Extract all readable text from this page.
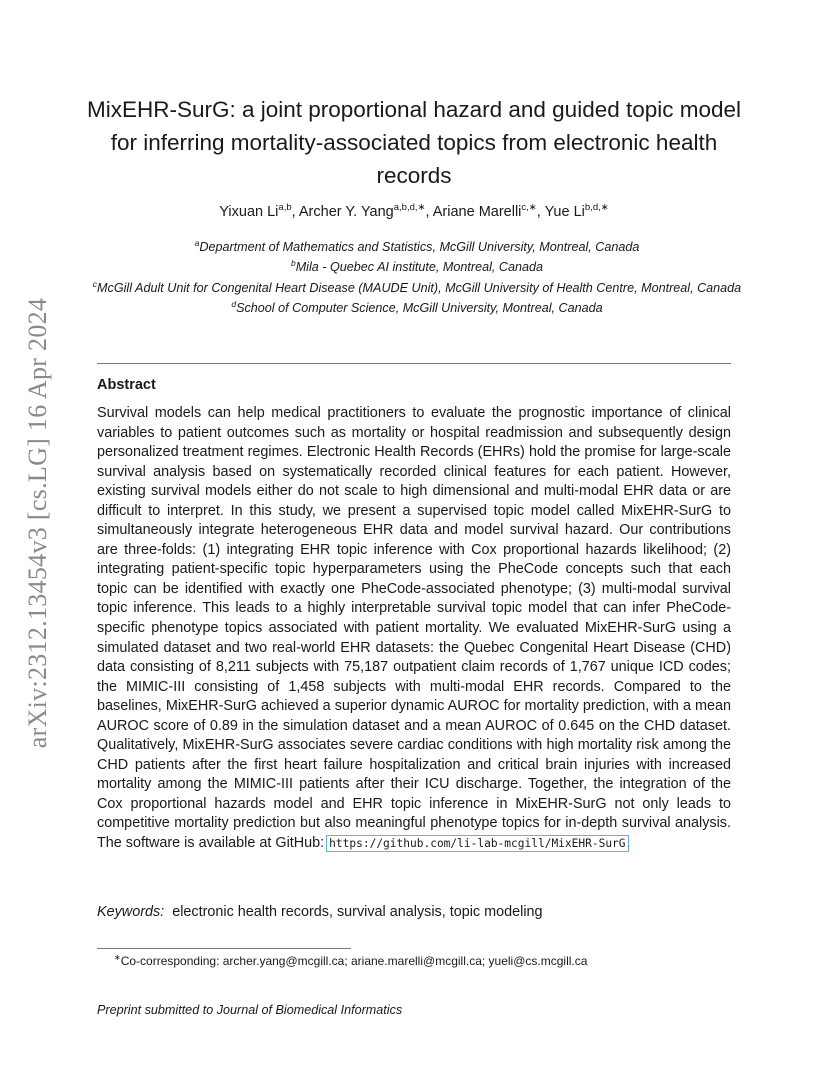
arXiv:2312.13454v3 [cs.LG] 16 Apr 2024
MixEHR-SurG: a joint proportional hazard and guided topic model for inferring mortality-associated topics from electronic health records
Yixuan Li$^{a,b}$, Archer Y. Yang$^{a,b,d,∗}$, Ariane Marelli$^{c,∗}$, Yue $Li^{b,d,∗}$
$^a$Department of Mathematics and Statistics, McGill University, Montreal, Canada
$^b$Mila - Quebec AI institute, Montreal, Canada
$^c$McGill Adult Unit for Congenital Heart Disease (MAUDE Unit), McGill University of Health Centre, Montreal, Canada
$^d$School of Computer Science, McGill University, Montreal, Canada
Abstract
Survival models can help medical practitioners to evaluate the prognostic importance of clinical variables to patient outcomes such as mortality or hospital readmission and subsequently design personalized treatment regimes. Electronic Health Records (EHRs) hold the promise for large-scale survival analysis based on systematically recorded clinical features for each patient. However, existing survival models either do not scale to high dimensional and multi-modal EHR data or are difficult to interpret. In this study, we present a supervised topic model called MixEHR-SurG to simultaneously integrate heterogeneous EHR data and model survival hazard. Our contributions are three-folds: (1) integrating EHR topic inference with Cox proportional hazards likelihood; (2) integrating patient-specific topic hyperparameters using the PheCode concepts such that each topic can be identified with exactly one PheCode-associated phenotype; (3) multi-modal survival topic inference. This leads to a highly interpretable survival topic model that can infer PheCode-specific phenotype topics associated with patient mortality. We evaluated MixEHR-SurG using a simulated dataset and two real-world EHR datasets: the Quebec Congenital Heart Disease (CHD) data consisting of 8,211 subjects with 75,187 outpatient claim records of 1,767 unique ICD codes; the MIMIC-III consisting of 1,458 subjects with multi-modal EHR records. Compared to the baselines, MixEHR-SurG achieved a superior dynamic AUROC for mortality prediction, with a mean AUROC score of 0.89 in the simulation dataset and a mean AUROC of 0.645 on the CHD dataset. Qualitatively, MixEHR-SurG associates severe cardiac conditions with high mortality risk among the CHD patients after the first heart failure hospitalization and critical brain injuries with increased mortality among the MIMIC-III patients after their ICU discharge. Together, the integration of the Cox proportional hazards model and EHR topic inference in MixEHR-SurG not only leads to competitive mortality prediction but also meaningful phenotype topics for in-depth survival analysis. The software is available at GitHub: https://github.com/li-lab-mcgill/MixEHR-SurG.
Keywords: electronic health records, survival analysis, topic modeling
∗Co-corresponding: archer.yang@mcgill.ca; ariane.marelli@mcgill.ca; yueli@cs.mcgill.ca
Preprint submitted to Journal of Biomedical Informatics
